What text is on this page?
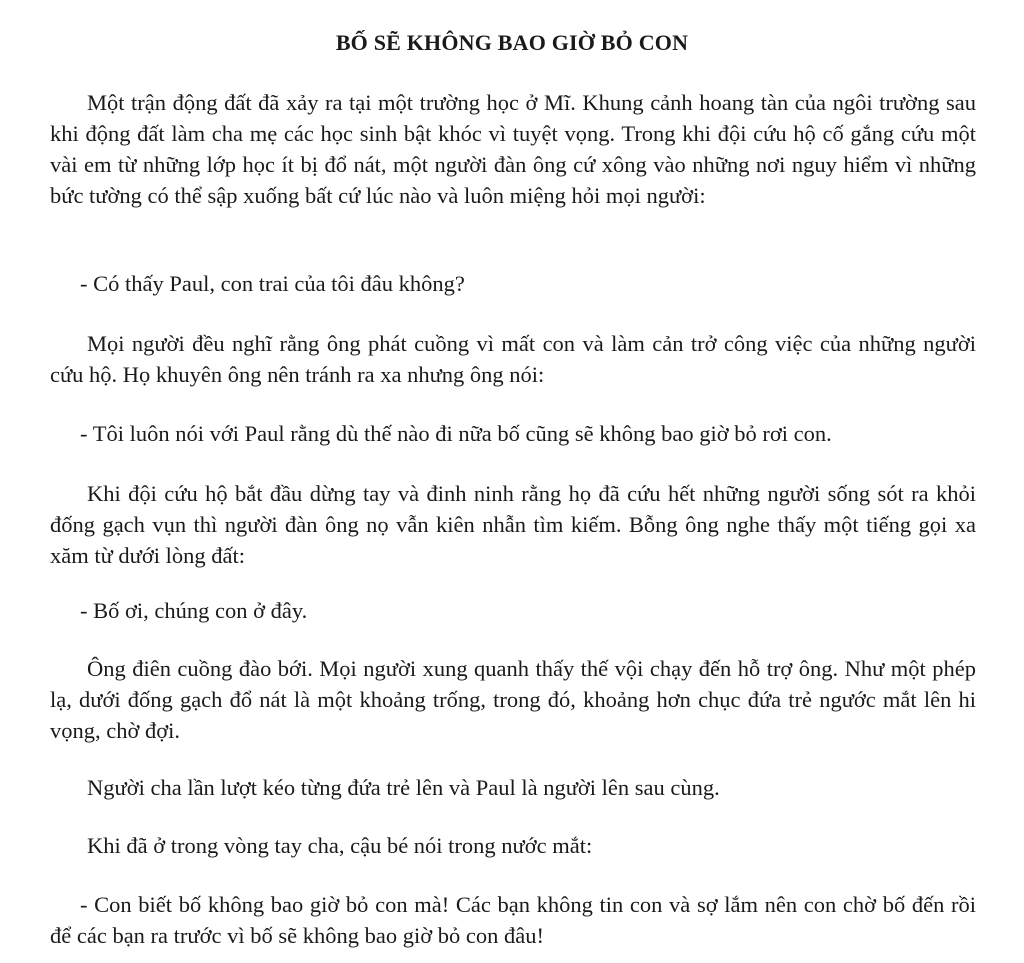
BỐ SẼ KHÔNG BAO GIỜ BỎ CON

Một trận động đất đã xảy ra tại một trường học ở Mĩ. Khung cảnh hoang tàn của ngôi trường sau khi động đất làm cha mẹ các học sinh bật khóc vì tuyệt vọng. Trong khi đội cứu hộ cố gắng cứu một vài em từ những lớp học ít bị đổ nát, một người đàn ông cứ xông vào những nơi nguy hiểm vì những bức tường có thể sập xuống bất cứ lúc nào và luôn miệng hỏi mọi người:

- Có thấy Paul, con trai của tôi đâu không?

Mọi người đều nghĩ rằng ông phát cuồng vì mất con và làm cản trở công việc của những người cứu hộ. Họ khuyên ông nên tránh ra xa nhưng ông nói:

- Tôi luôn nói với Paul rằng dù thế nào đi nữa bố cũng sẽ không bao giờ bỏ rơi con.

Khi đội cứu hộ bắt đầu dừng tay và đinh ninh rằng họ đã cứu hết những người sống sót ra khỏi đống gạch vụn thì người đàn ông nọ vẫn kiên nhẫn tìm kiếm. Bỗng ông nghe thấy một tiếng gọi xa xăm từ dưới lòng đất:

- Bố ơi, chúng con ở đây.

Ông điên cuồng đào bới. Mọi người xung quanh thấy thế vội chạy đến hỗ trợ ông. Như một phép lạ, dưới đống gạch đổ nát là một khoảng trống, trong đó, khoảng hơn chục đứa trẻ ngước mắt lên hi vọng, chờ đợi.

Người cha lần lượt kéo từng đứa trẻ lên và Paul là người lên sau cùng.

Khi đã ở trong vòng tay cha, cậu bé nói trong nước mắt:

- Con biết bố không bao giờ bỏ con mà! Các bạn không tin con và sợ lắm nên con chờ bố đến rồi để các bạn ra trước vì bố sẽ không bao giờ bỏ con đâu!
